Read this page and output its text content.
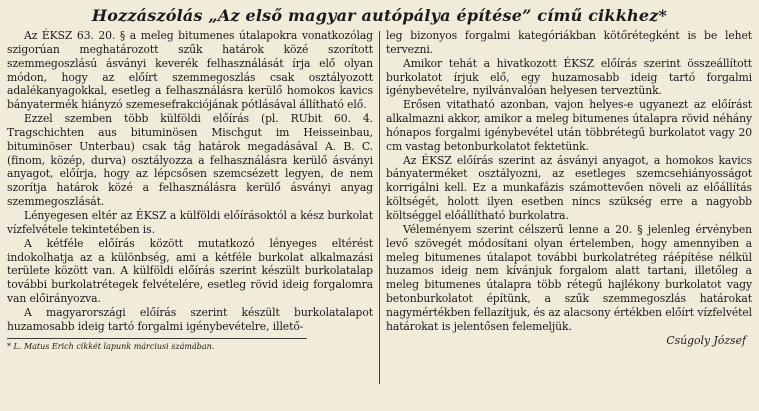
Hozzászólás „Az első magyar autópálya építése” című cikkhez*

Az ÉKSZ 63. 20. § a meleg bitumenes útalapokra vonatkozólag szigorúan meghatározott szűk határok közé szorított szemmegoszlású ásványi keverék felhasználását írja elő olyan módon, hogy az előírt szemmegoszlás csak osztályozott adalékanyagokkal, esetleg a felhasználásra kerülő homokos kavics bányatermék hiányzó szemesefrakciójának pótlásával állítható elő.

Ezzel szemben több külföldi előírás (pl. RUbit 60. 4. Tragschichten aus bituminösen Mischgut im Heisseinbau, bituminöser Unterbau) csak tág határok megadásával A. B. C. (finom, közép, durva) osztályozza a felhasználásra kerülő ásványi anyagot, előírja, hogy az lépcsősen szemcsézett legyen, de nem szorítja határok közé a felhasználásra kerülő ásványi anyag szemmegoszlását.

Lényegesen eltér az ÉKSZ a külföldi előírásoktól a kész burkolat vízfelvétele tekintetében is.

A kétféle előírás között mutatkozó lényeges eltérést indokolhatja az a különbség, ami a kétféle burkolat alkalmazási területe között van. A külföldi előírás szerint készült burkolatalap további burkolatrétegek felvételére, esetleg rövid ideig forgalomra van előirányozva.

A magyarországi előírás szerint készült burkolatalapot huzamosabb ideig tartó forgalmi igénybevételre, illető-

* L. Matus Erich cikkét lapunk márciusi számában.

leg bizonyos forgalmi kategóriákban kötőrétegként is be lehet tervezni.

Amikor tehát a hivatkozott ÉKSZ előírás szerint összeállított burkolatot írjuk elő, egy huzamosabb ideig tartó forgalmi igénybevételre, nyilvánvalóan helyesen terveztünk.

Erősen vitatható azonban, vajon helyes-e ugyanezt az előírást alkalmazni akkor, amikor a meleg bitumenes útalapra rövid néhány hónapos forgalmi igénybevétel után többrétegű burkolatot vagy 20 cm vastag betonburkolatot fektetünk.

Az ÉKSZ előírás szerint az ásványi anyagot, a homokos kavics bányaterméket osztályozni, az esetleges szemcsehiányosságot korrigálni kell. Ez a munkafázis számottevően növeli az előállítás költségét, holott ilyen esetben nincs szükség erre a nagyobb költséggel előállítható burkolatra.

Véleményem szerint célszerű lenne a 20. § jelenleg érvényben levő szövegét módosítani olyan értelemben, hogy amennyiben a meleg bitumenes útalapot további burkolatréteg ráépítése nélkül huzamos ideig nem kívánjuk forgalom alatt tartani, illetőleg a meleg bitumenes útalapra több rétegű hajlékony burkolatot vagy betonburkolatot építünk, a szűk szemmegoszlás határokat nagymértékben fellazítjuk, és az alacsony értékben előírt vízfelvétel határokat is jelentősen felemeljük.

Csúgoly József
